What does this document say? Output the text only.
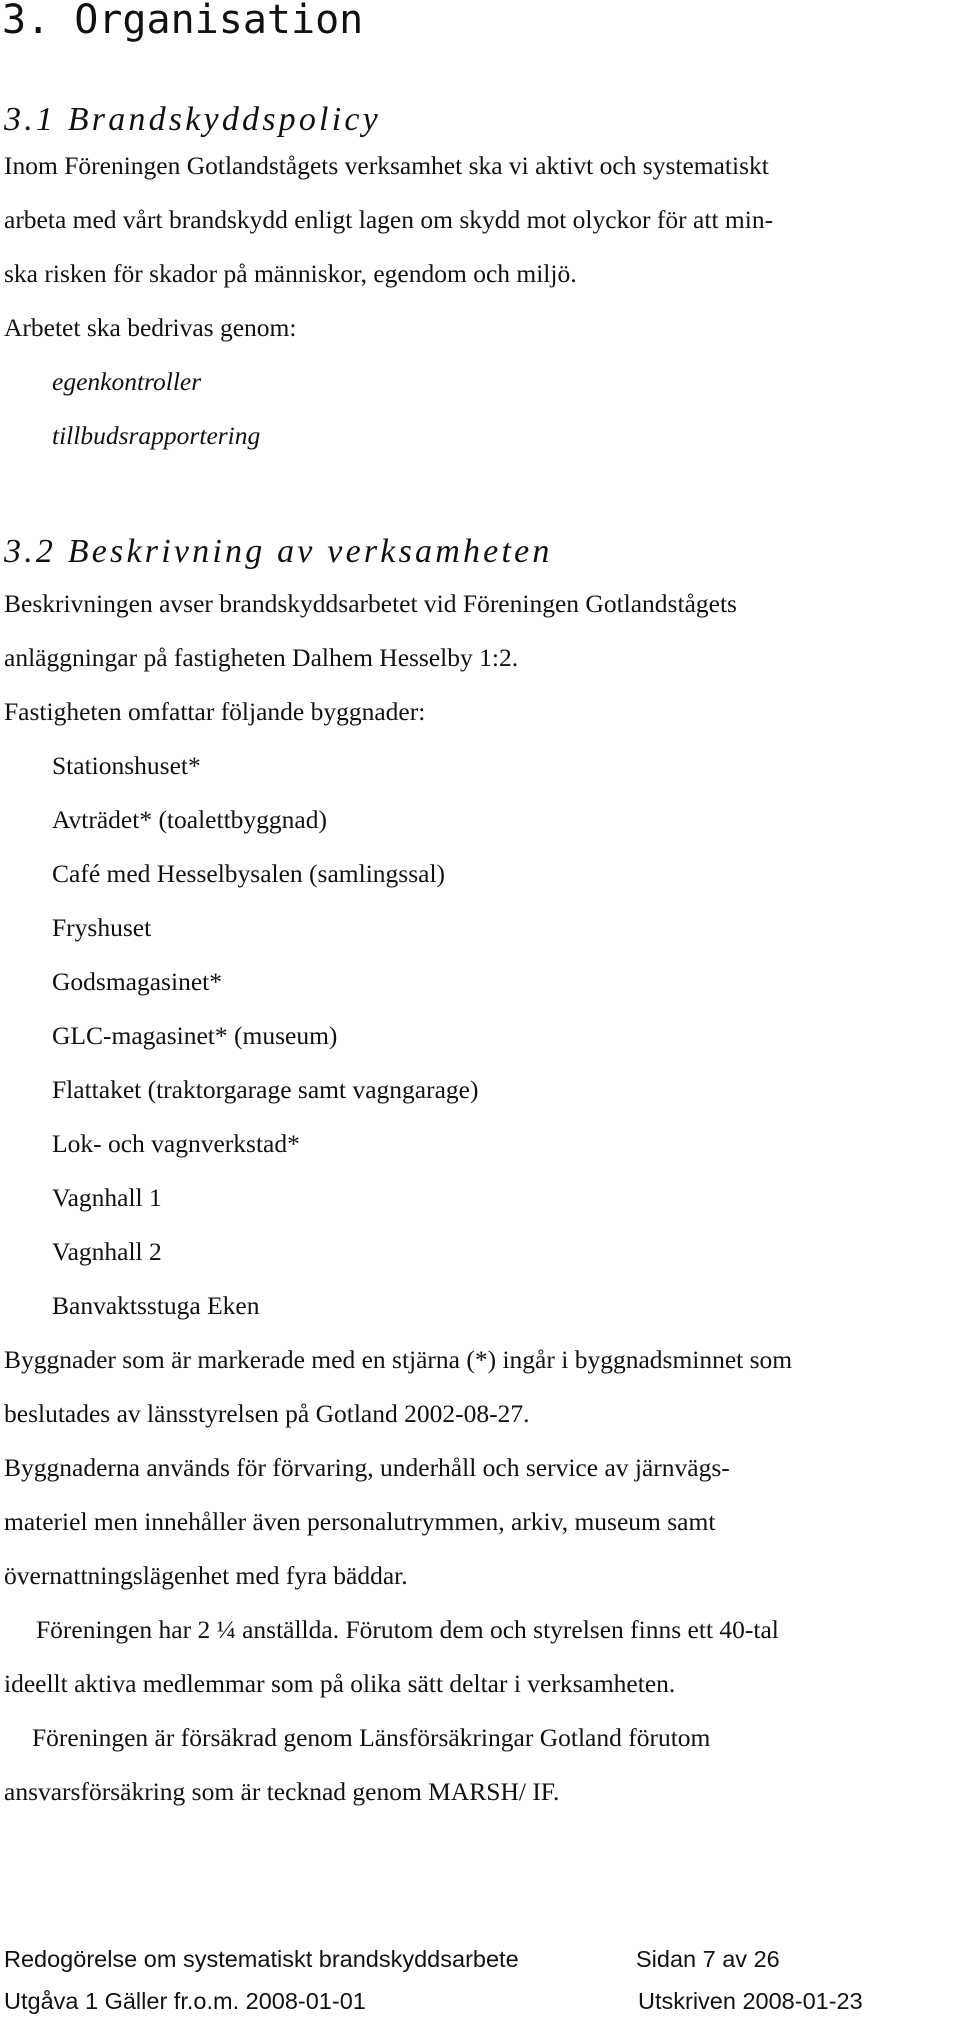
3. Organisation
3.1 Brandskyddspolicy
Inom Föreningen Gotlandstågets verksamhet ska vi aktivt och systematiskt
arbeta med vårt brandskydd enligt lagen om skydd mot olyckor för att min-
ska risken för skador på människor, egendom och miljö.
Arbetet ska bedrivas genom:
egenkontroller
tillbudsrapportering
3.2 Beskrivning av verksamheten
Beskrivningen avser brandskyddsarbetet vid Föreningen Gotlandstågets
anläggningar på fastigheten Dalhem Hesselby 1:2.
Fastigheten omfattar följande byggnader:
Stationshuset*
Avträdet* (toalettbyggnad)
Café med Hesselbysalen (samlingssal)
Fryshuset
Godsmagasinet*
GLC-magasinet* (museum)
Flattaket (traktorgarage samt vagngarage)
Lok- och vagnverkstad*
Vagnhall 1
Vagnhall 2
Banvaktsstuga Eken
Byggnader som är markerade med en stjärna (*) ingår i byggnadsminnet som
beslutades av länsstyrelsen på Gotland 2002-08-27.
Byggnaderna används för förvaring, underhåll och service av järnvägs-
materiel men innehåller även personalutrymmen, arkiv, museum samt
övernattningslägenhet med fyra bäddar.
Föreningen har 2 ¼ anställda. Förutom dem och styrelsen finns ett 40-tal
ideellt aktiva medlemmar som på olika sätt deltar i verksamheten.
Föreningen är försäkrad genom Länsförsäkringar Gotland förutom
ansvarsförsäkring som är tecknad genom MARSH/ IF.
Redogörelse om systematiskt brandskyddsarbete	Sidan 7 av 26
Utgåva 1 Gäller fr.o.m. 2008-01-01	Utskriven 2008-01-23
